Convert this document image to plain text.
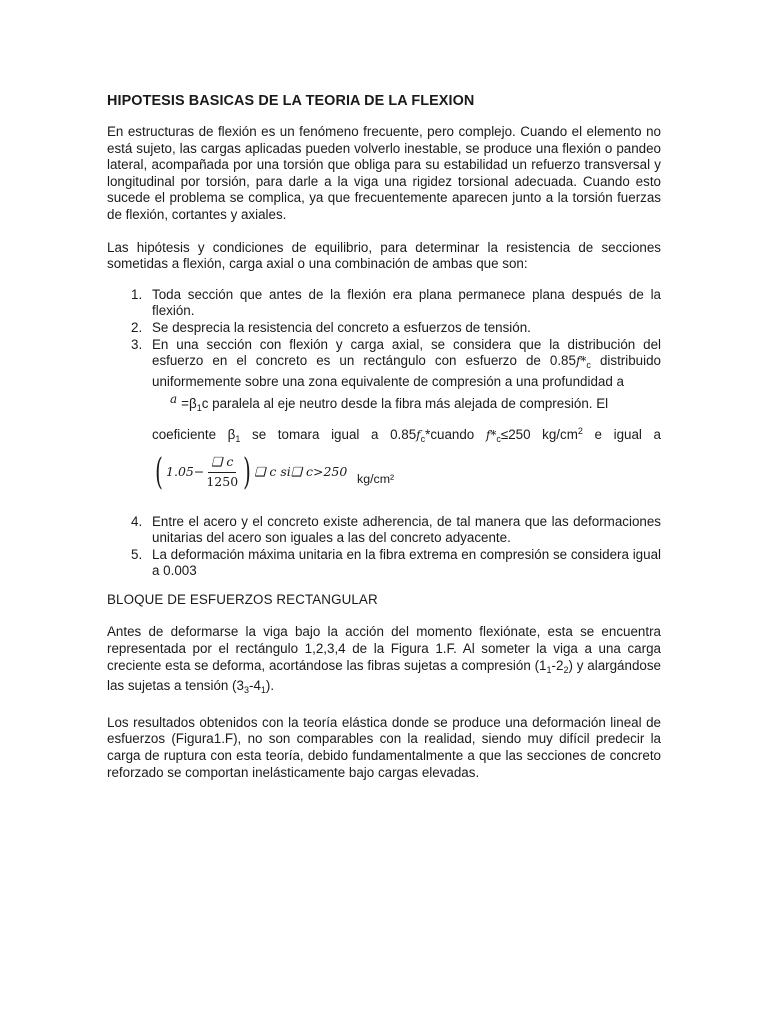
HIPOTESIS BASICAS DE LA TEORIA DE LA FLEXION

En estructuras de flexión es un fenómeno frecuente, pero complejo. Cuando el elemento no está sujeto, las cargas aplicadas pueden volverlo inestable, se produce una flexión o pandeo lateral, acompañada por una torsión que obliga para su estabilidad un refuerzo transversal y longitudinal por torsión, para darle a la viga una rigidez torsional adecuada. Cuando esto sucede el problema se complica, ya que frecuentemente aparecen junto a la torsión fuerzas de flexión, cortantes y axiales.

Las hipótesis y condiciones de equilibrio, para determinar la resistencia de secciones sometidas a flexión, carga axial o una combinación de ambas que son:

1. Toda sección que antes de la flexión era plana permanece plana después de la flexión.
2. Se desprecia la resistencia del concreto a esfuerzos de tensión.
3. En una sección con flexión y carga axial, se considera que la distribución del esfuerzo en el concreto es un rectángulo con esfuerzo de $0.85f*_c$ distribuido uniformemente sobre una zona equivalente de compresión a una profundidad a
$a =\beta_1c$ paralela al eje neutro desde la fibra más alejada de compresión. El
coeficiente $\beta_1$ se tomara igual a $0.85f_c*cuando$ $f*_c\le 250$ $kg/cm^2$ e igual a
( $1.05- \frac{❑ c}{1250}$ ) ❑ c si❑ c>250 kg/cm²
4. Entre el acero y el concreto existe adherencia, de tal manera que las deformaciones unitarias del acero son iguales a las del concreto adyacente.
5. La deformación máxima unitaria en la fibra extrema en compresión se considera igual a 0.003

BLOQUE DE ESFUERZOS RECTANGULAR

Antes de deformarse la viga bajo la acción del momento flexiónate, esta se encuentra representada por el rectángulo 1,2,3,4 de la Figura 1.F. Al someter la viga a una carga creciente esta se deforma, acortándose las fibras sujetas a compresión $(1_1-2_2)$ y alargándose las sujetas a tensión $(3_3-4_1)$.

Los resultados obtenidos con la teoría elástica donde se produce una deformación lineal de esfuerzos (Figura1.F), no son comparables con la realidad, siendo muy difícil predecir la carga de ruptura con esta teoría, debido fundamentalmente a que las secciones de concreto reforzado se comportan inelásticamente bajo cargas elevadas.
